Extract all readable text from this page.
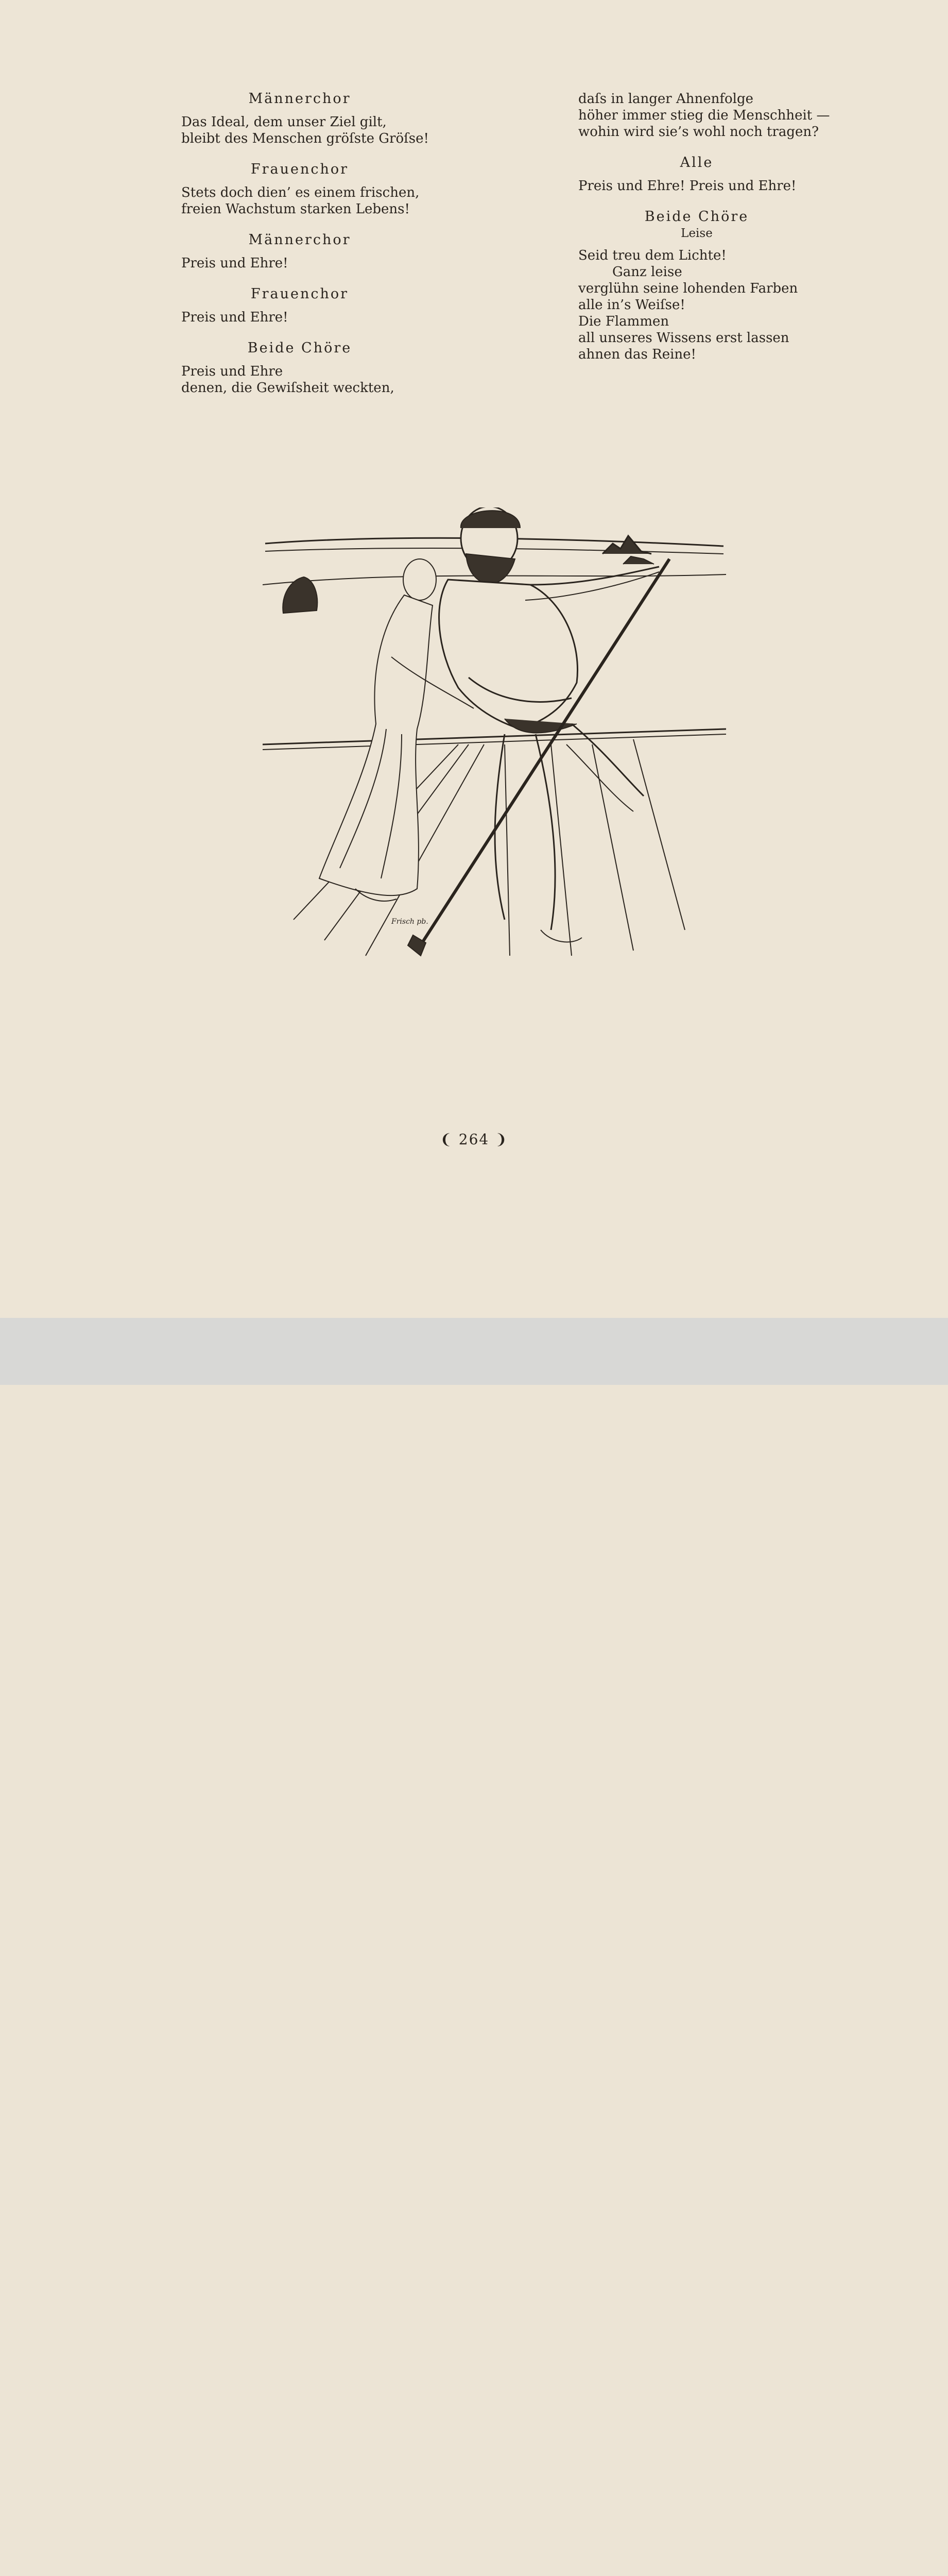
Männerchor

Das Ideal, dem unser Ziel gilt,

bleibt des Menschen gröſste Gröſse!

Frauenchor

Stets doch dien’ es einem frischen,

freien Wachstum starken Lebens!

Männerchor

Preis und Ehre!

Frauenchor

Preis und Ehre!

Beide Chöre

Preis und Ehre

denen, die Gewiſsheit weckten,

daſs in langer Ahnenfolge

höher immer stieg die Menschheit —

wohin wird sie’s wohl noch tragen?

Alle

Preis und Ehre! Preis und Ehre!

Beide Chöre

Leise

Seid treu dem Lichte!

Ganz leise

verglühn seine lohenden Farben

alle in’s Weiſse!

Die Flammen

all unseres Wissens erst lassen

ahnen das Reine!

Frisch pb.
❨ 264 ❩
